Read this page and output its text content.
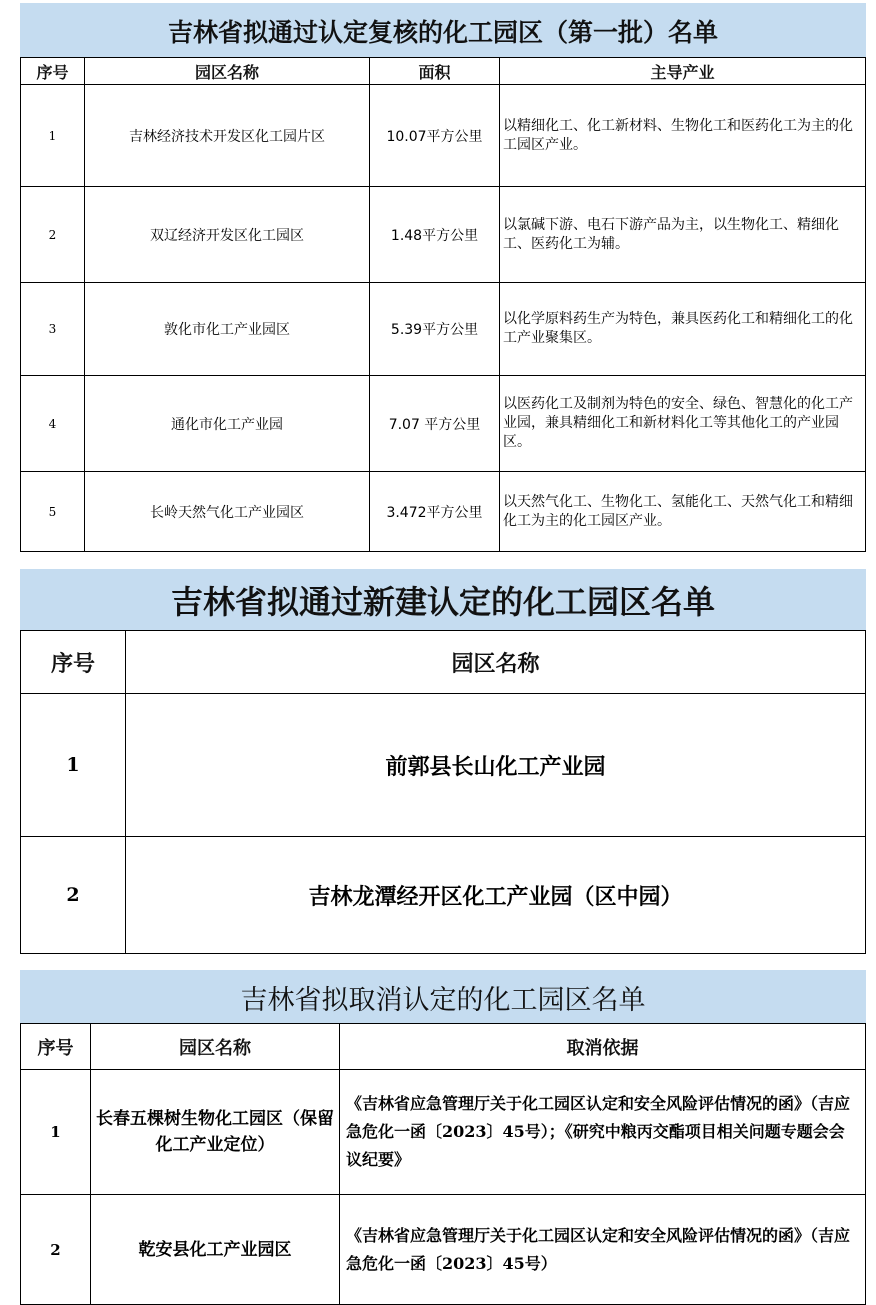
吉林省拟通过认定复核的化工园区（第一批）名单			
序号	园区名称	面积	主导产业
1	吉林经济技术开发区化工园片区	10.07平方公里	以精细化工、化工新材料、生物化工和医药化工为主的化工园区产业。
2	双辽经济开发区化工园区	1.48平方公里	以氯碱下游、电石下游产品为主，以生物化工、精细化工、医药化工为辅。
3	敦化市化工产业园区	5.39平方公里	以化学原料药生产为特色，兼具医药化工和精细化工的化工产业聚集区。
4	通化市化工产业园	7.07 平方公里	以医药化工及制剂为特色的安全、绿色、智慧化的化工产业园，兼具精细化工和新材料化工等其他化工的产业园区。
5	长岭天然气化工产业园区	3.472平方公里	以天然气化工、生物化工、氢能化工、天然气化工和精细化工为主的化工园区产业。
吉林省拟通过新建认定的化工园区名单	
序号	园区名称
1	前郭县长山化工产业园
2	吉林龙潭经开区化工产业园（区中园）
吉林省拟取消认定的化工园区名单		
序号	园区名称	取消依据
1	长春五棵树生物化工园区（保留化工产业定位）	《吉林省应急管理厅关于化工园区认定和安全风险评估情况的函》（吉应急危化一函〔2023〕45号）；《研究中粮丙交酯项目相关问题专题会会议纪要》
2	乾安县化工产业园区	《吉林省应急管理厅关于化工园区认定和安全风险评估情况的函》（吉应急危化一函〔2023〕45号）
